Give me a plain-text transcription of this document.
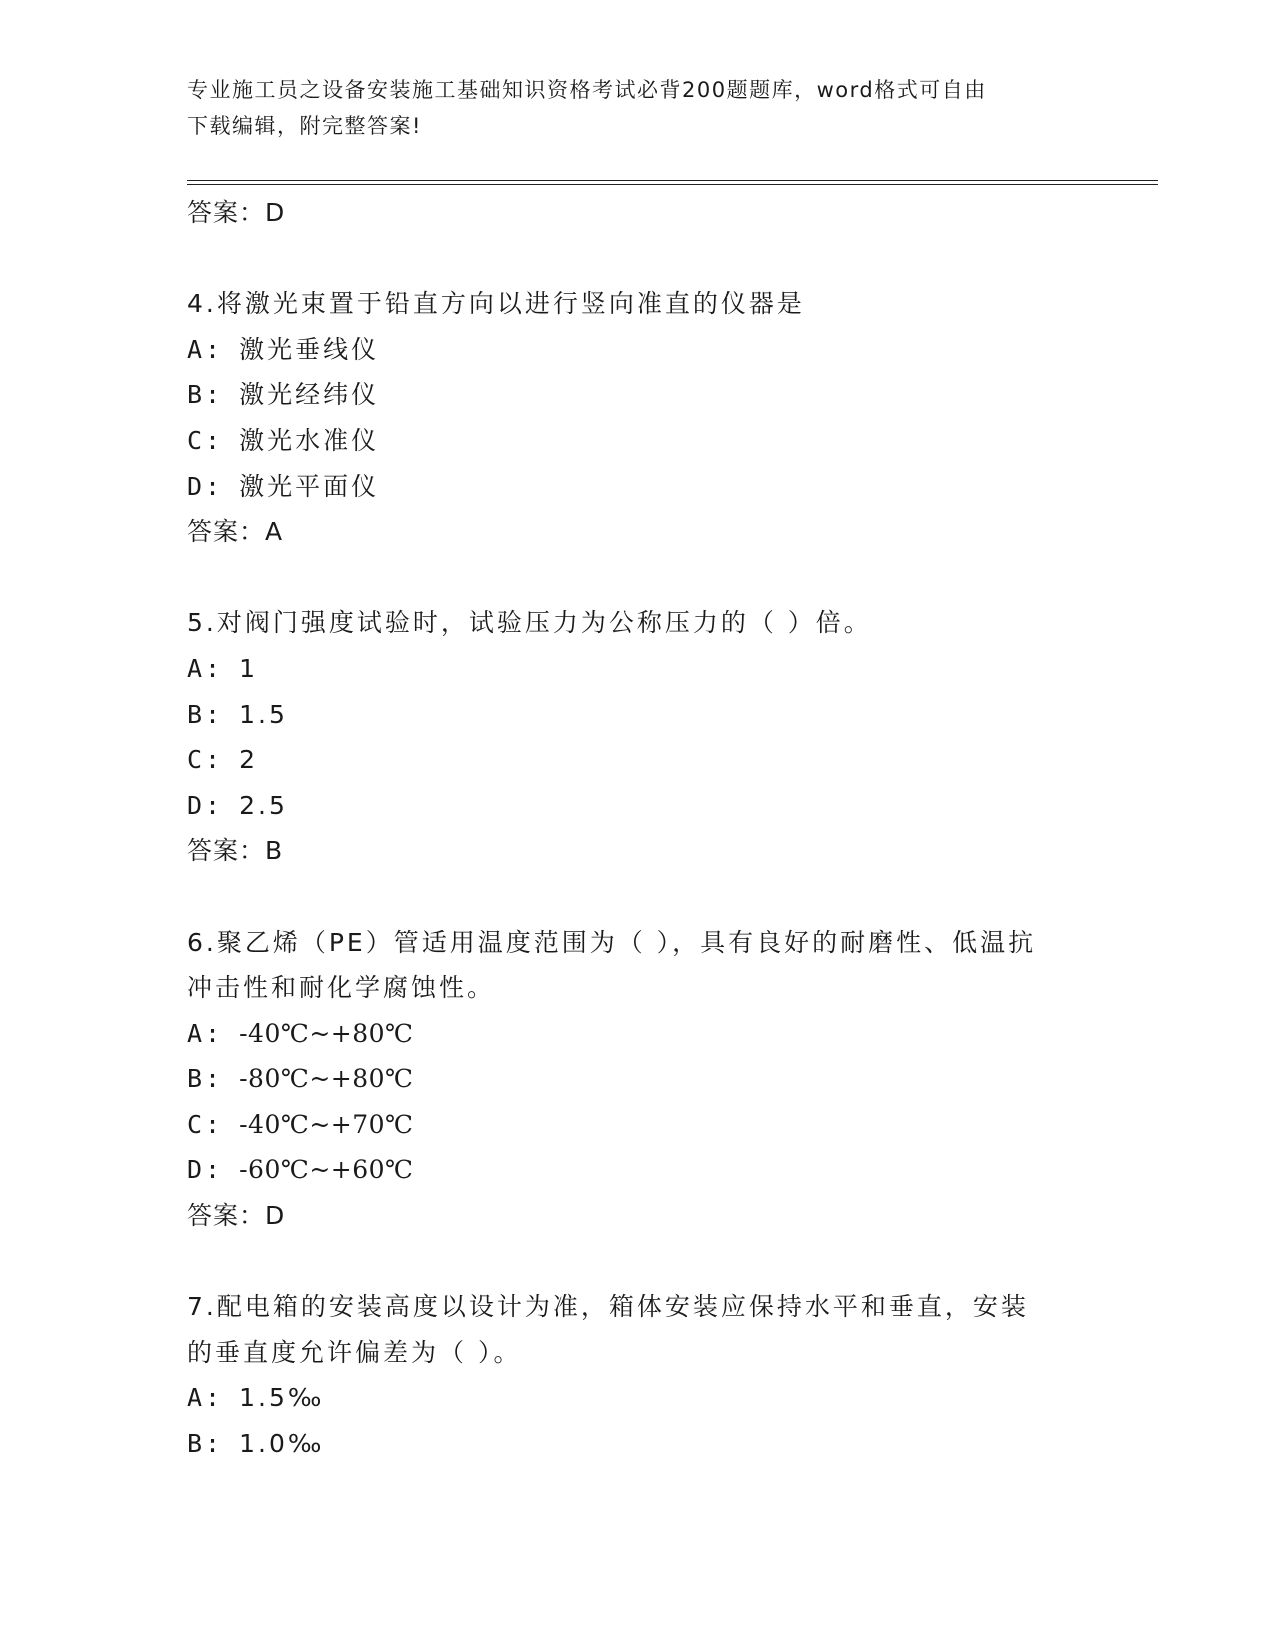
专业施工员之设备安装施工基础知识资格考试必背200题题库，word格式可自由
下载编辑，附完整答案!
答案：D
4.将激光束置于铅直方向以进行竖向准直的仪器是
A: 激光垂线仪
B: 激光经纬仪
C: 激光水准仪
D: 激光平面仪
答案：A
5.对阀门强度试验时，试验压力为公称压力的（ ）倍。
A: 1
B: 1.5
C: 2
D: 2.5
答案：B
6.聚乙烯（PE）管适用温度范围为（ ），具有良好的耐磨性、低温抗
冲击性和耐化学腐蚀性。
A: -40℃~+80℃
B: -80℃~+80℃
C: -40℃~+70℃
D: -60℃~+60℃
答案：D
7.配电箱的安装高度以设计为准，箱体安装应保持水平和垂直，安装
的垂直度允许偏差为（ ）。
A: 1.5‰
B: 1.0‰
